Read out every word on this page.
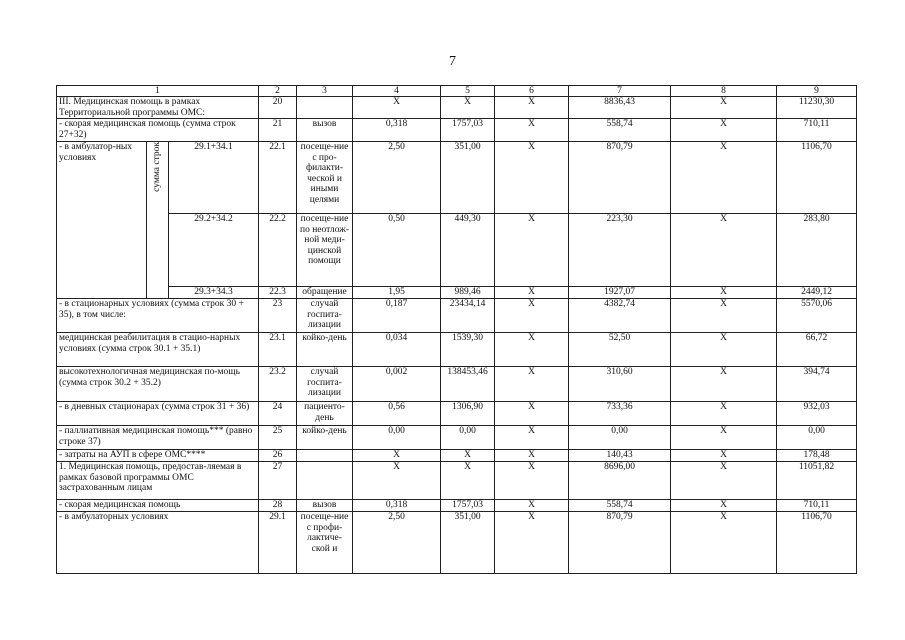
7
1			2	3	4	5	6	7	8	9	
III. Медицинская помощь в рамках Территориальной программы ОМС:			20		Х	Х	Х	8836,43	Х	11230,30	
- скорая медицинская помощь (сумма строк 27+32)			21	вызов	0,318	1757,03	Х	558,74	Х	710,11	
- в амбулатор-ных условиях	сумма строк	29.1+34.1	22.1	посеще-ние с про-филакти-ческой и иными целями	2,50	351,00	Х	870,79	Х	1106,70	
		29.2+34.2	22.2	посеще-ние по неотлож-ной меди-цинской помощи	0,50	449,30	Х	223,30	Х	283,80	
		29.3+34.3	22.3	обращение	1,95	989,46	Х	1927,07	Х	2449,12	
- в стационарных условиях (сумма строк 30 + 35), в том числе:			23	случай госпита-лизации	0,187	23434,14	Х	4382,74	Х	5570,06	
медицинская реабилитация в стацио-нарных условиях (сумма строк 30.1 + 35.1)			23.1	койко-день	0,034	1539,30	Х	52,50	Х	66,72	
высокотехнологичная медицинская по-мощь (сумма строк 30.2 + 35.2)			23.2	случай госпита-лизации	0,002	138453,46	Х	310,60	Х	394,74	
- в дневных стационарах (сумма строк 31 + 36)			24	пациенто-день	0,56	1306,90	Х	733,36	Х	932,03	
- паллиативная медицинская помощь*** (равно строке 37)			25	койко-день	0,00	0,00	Х	0,00	Х	0,00	
- затраты на АУП в сфере ОМС****			26		Х	Х	Х	140,43	Х	178,48	
1. Медицинская помощь, предостав-ляемая в рамках базовой программы ОМС застрахованным лицам			27		Х	Х	Х	8696,00	Х	11051,82	
- скорая медицинская помощь			28	вызов	0,318	1757,03	Х	558,74	Х	710,11	
- в амбулаторных условиях			29.1	посеще-ние с профи-лактиче-ской и	2,50	351,00	Х	870,79	Х	1106,70	
